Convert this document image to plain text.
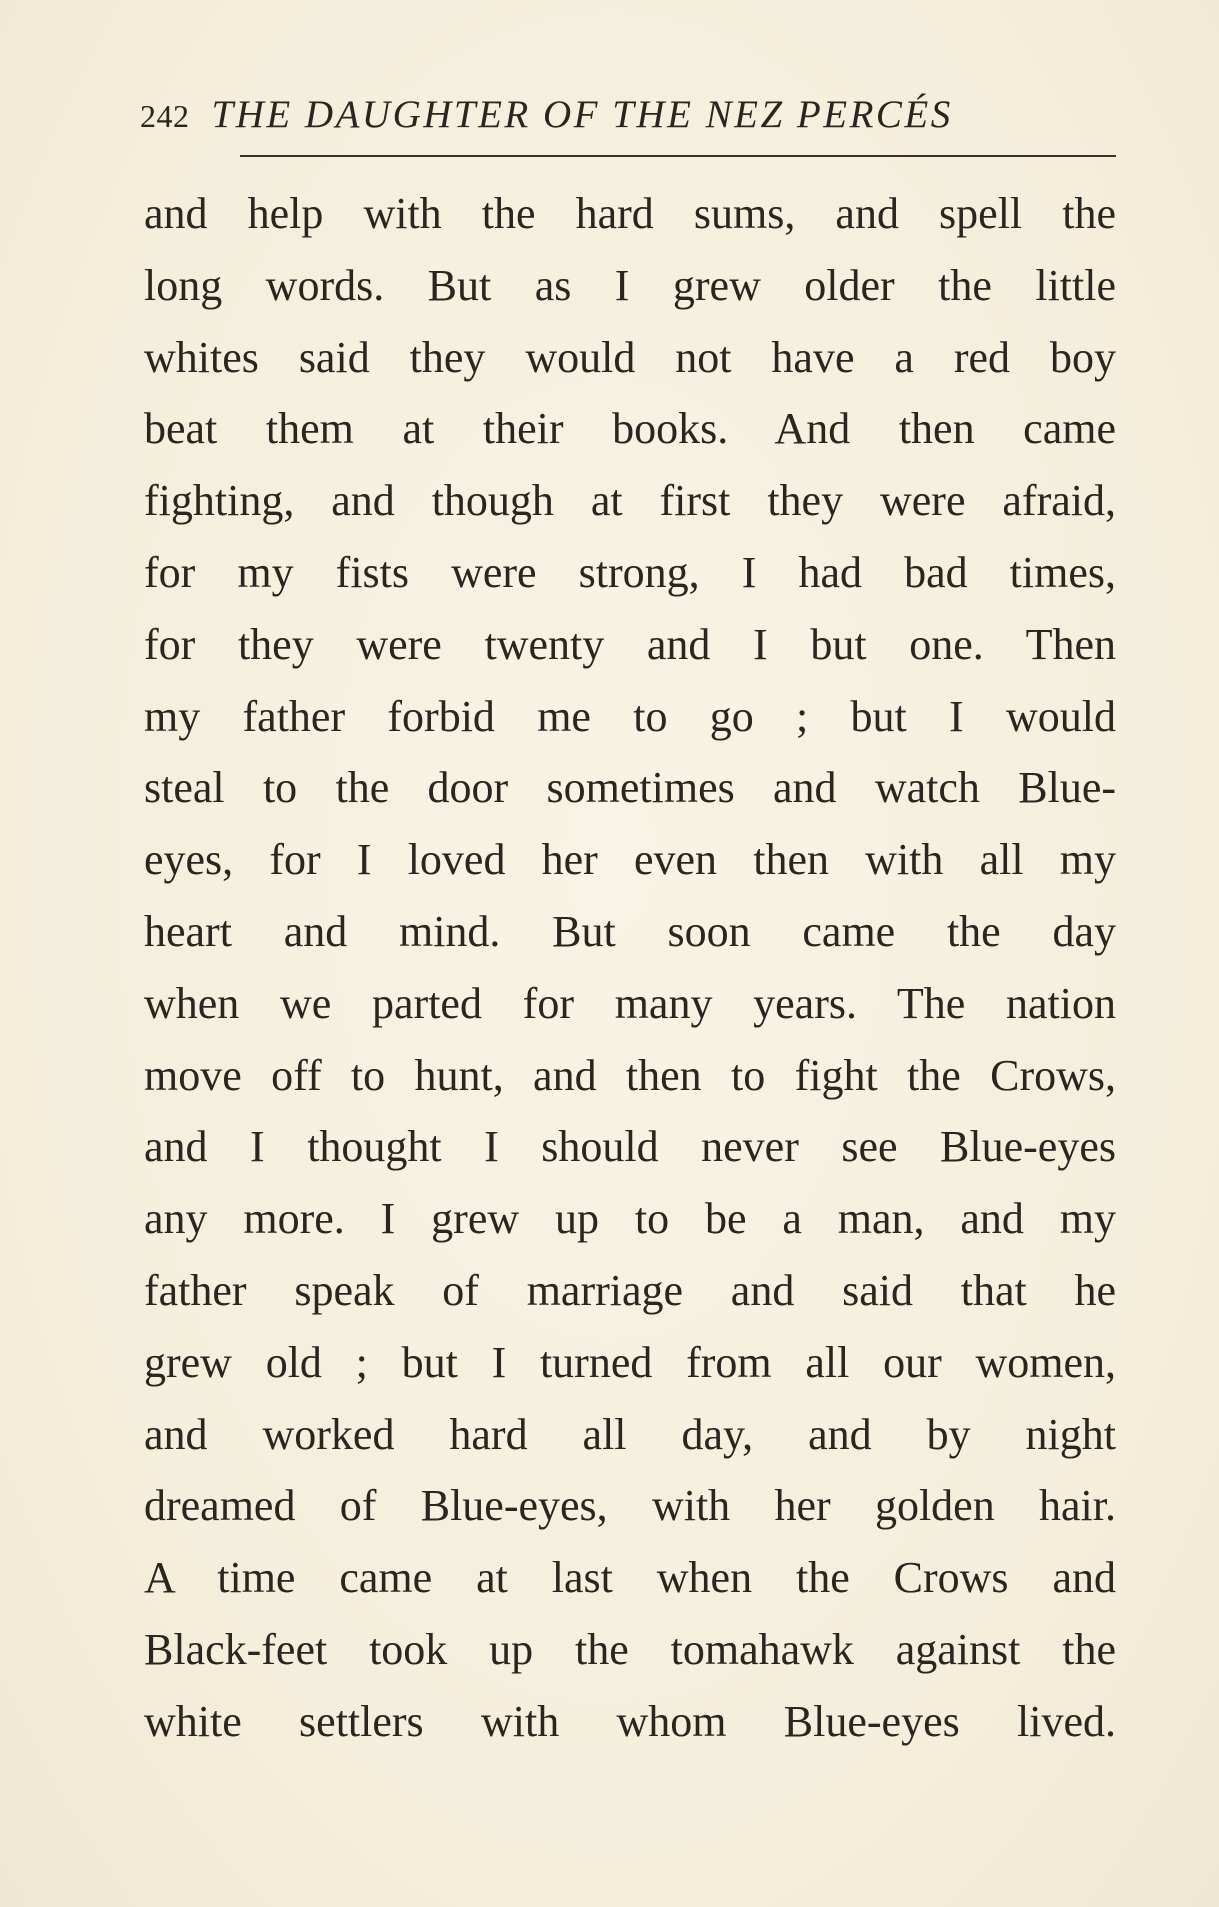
242 THE DAUGHTER OF THE NEZ PERCÉS
and help with the hard sums, and spell the
long words. But as I grew older the little
whites said they would not have a red boy
beat them at their books. And then came
fighting, and though at first they were afraid,
for my fists were strong, I had bad times,
for they were twenty and I but one. Then
my father forbid me to go ; but I would
steal to the door sometimes and watch Blue-
eyes, for I loved her even then with all my
heart and mind. But soon came the day
when we parted for many years. The nation
move off to hunt, and then to fight the Crows,
and I thought I should never see Blue-eyes
any more. I grew up to be a man, and my
father speak of marriage and said that he
grew old ; but I turned from all our women,
and worked hard all day, and by night
dreamed of Blue-eyes, with her golden hair.
A time came at last when the Crows and
Black-feet took up the tomahawk against the
white settlers with whom Blue-eyes lived.
